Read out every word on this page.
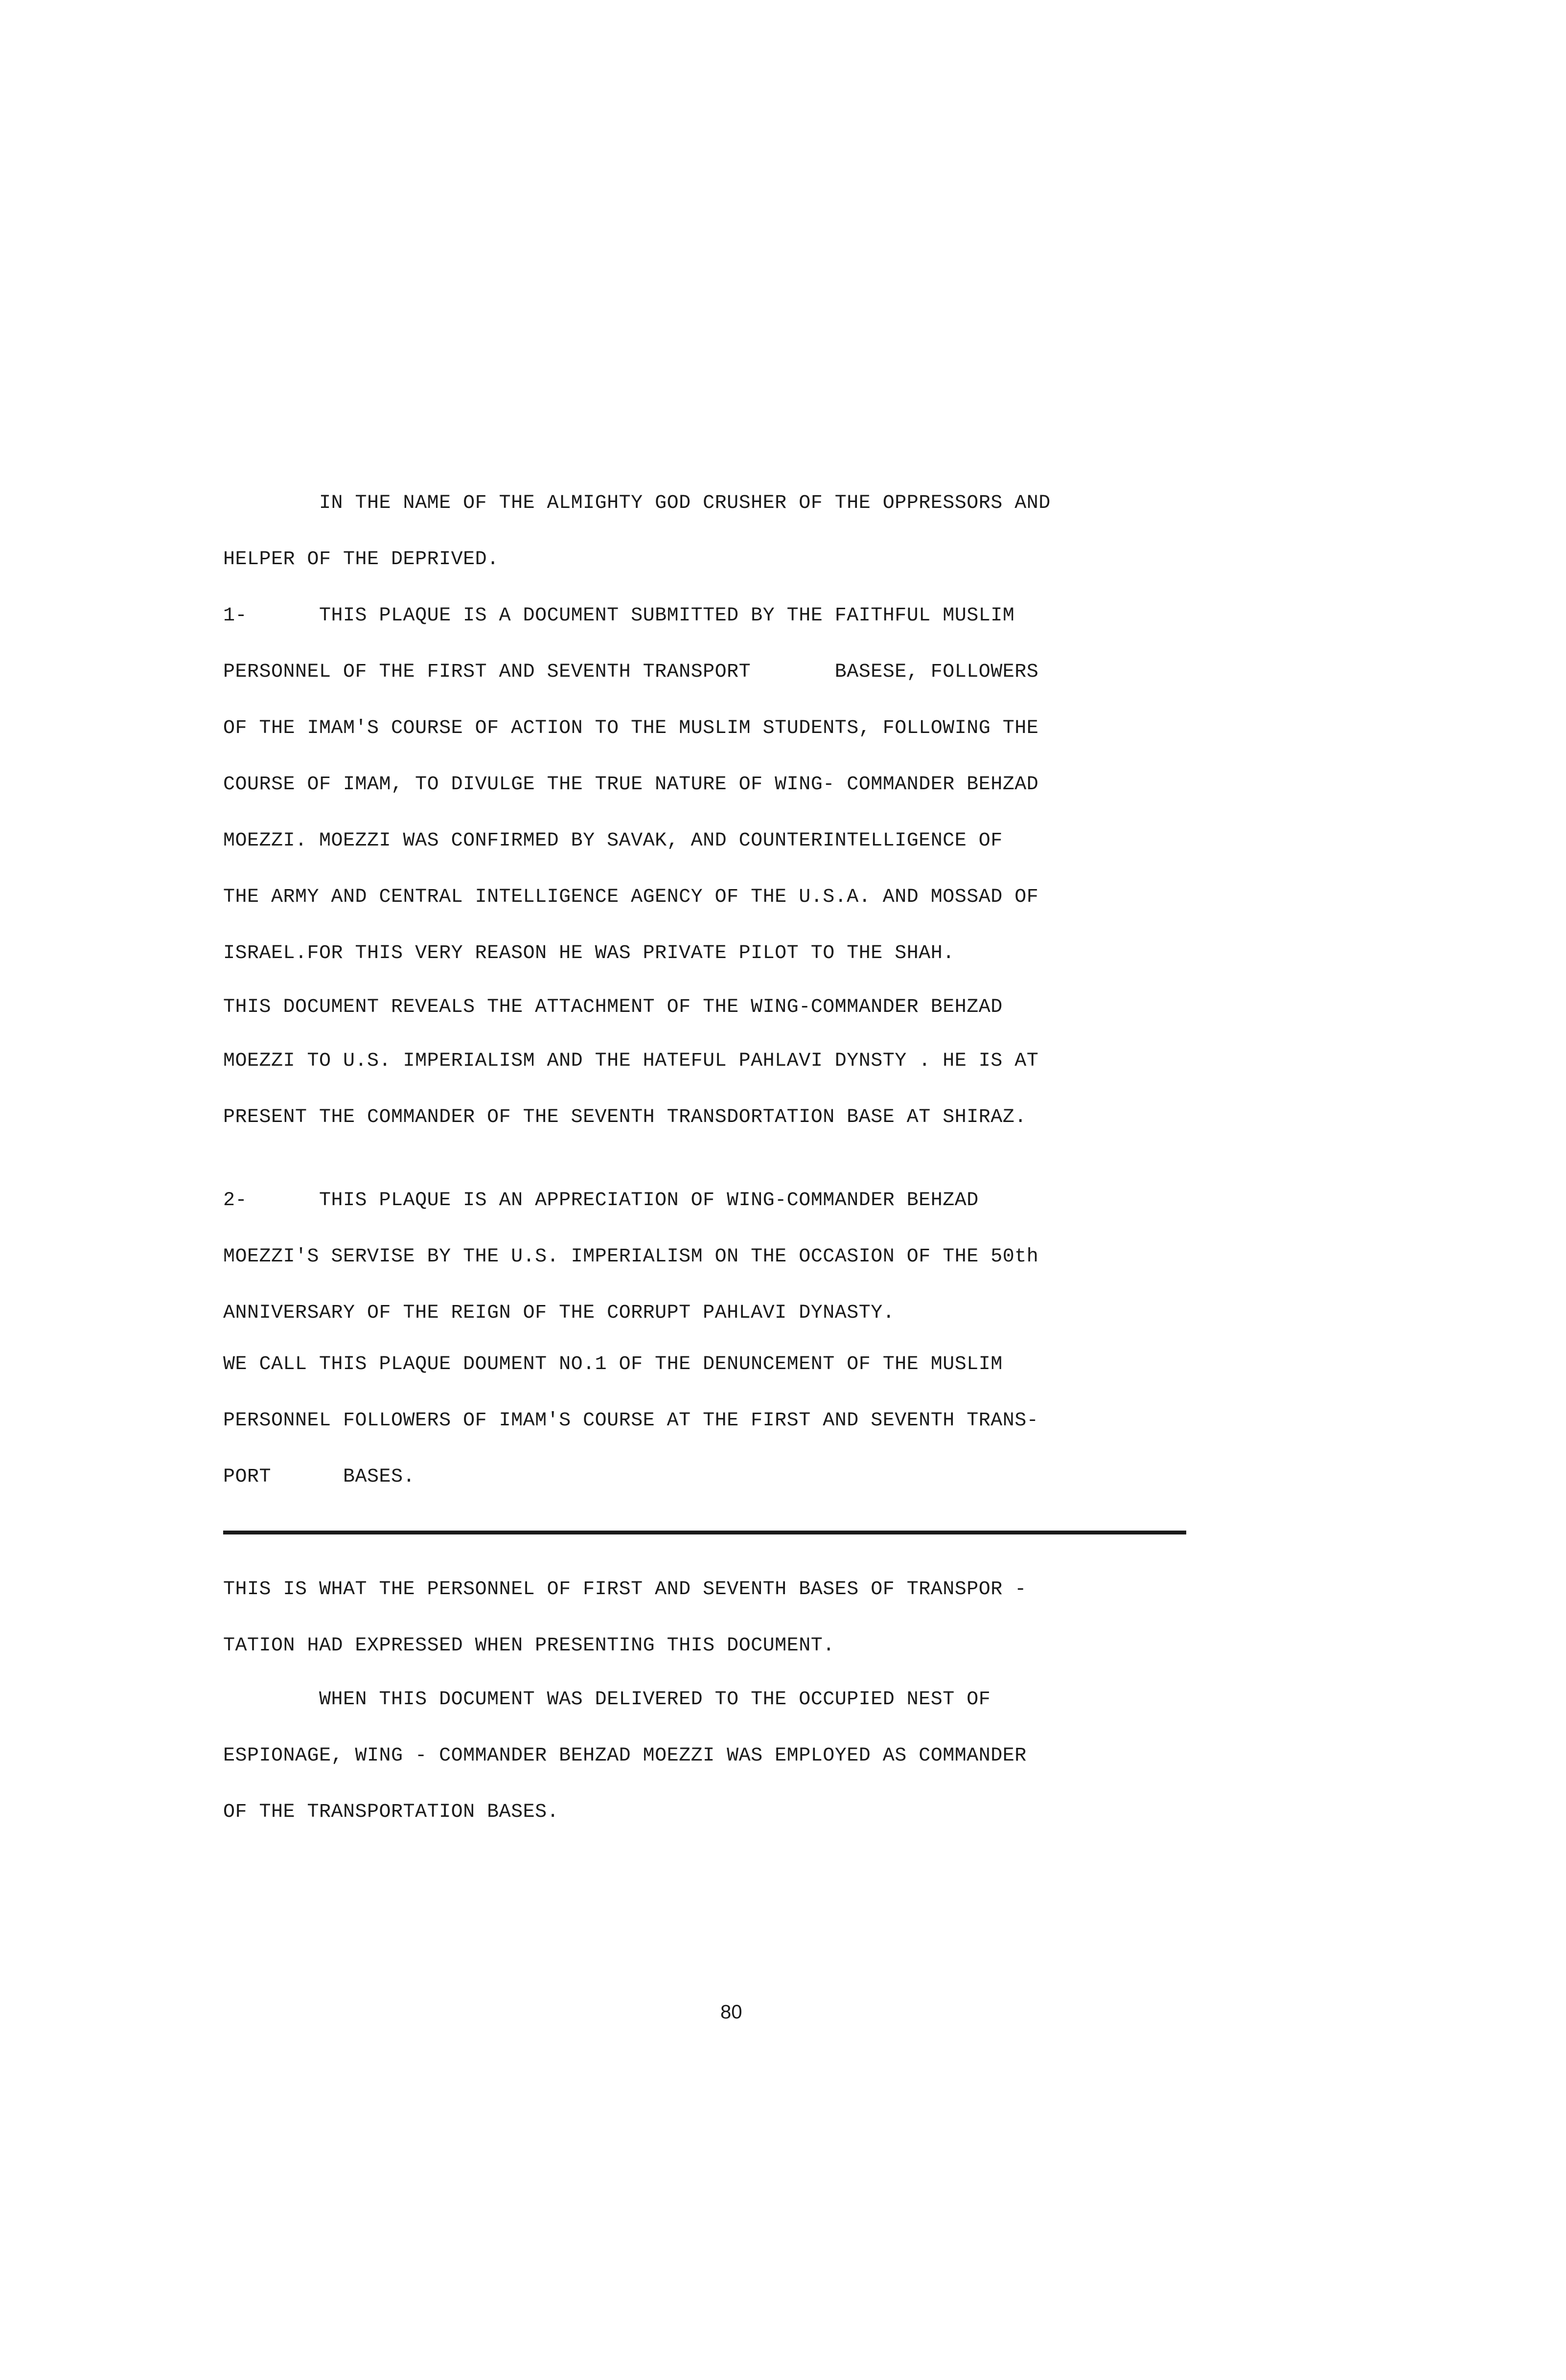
IN THE NAME OF THE ALMIGHTY GOD CRUSHER OF THE OPPRESSORS AND
HELPER OF THE DEPRIVED.
1-      THIS PLAQUE IS A DOCUMENT SUBMITTED BY THE FAITHFUL MUSLIM
PERSONNEL OF THE FIRST AND SEVENTH TRANSPORT       BASESE, FOLLOWERS
OF THE IMAM'S COURSE OF ACTION TO THE MUSLIM STUDENTS, FOLLOWING THE
COURSE OF IMAM, TO DIVULGE THE TRUE NATURE OF WING- COMMANDER BEHZAD
MOEZZI. MOEZZI WAS CONFIRMED BY SAVAK, AND COUNTERINTELLIGENCE OF
THE ARMY AND CENTRAL INTELLIGENCE AGENCY OF THE U.S.A. AND MOSSAD OF
ISRAEL.FOR THIS VERY REASON HE WAS PRIVATE PILOT TO THE SHAH.
THIS DOCUMENT REVEALS THE ATTACHMENT OF THE WING-COMMANDER BEHZAD
MOEZZI TO U.S. IMPERIALISM AND THE HATEFUL PAHLAVI DYNSTY . HE IS AT
PRESENT THE COMMANDER OF THE SEVENTH TRANSDORTATION BASE AT SHIRAZ.
2-      THIS PLAQUE IS AN APPRECIATION OF WING-COMMANDER BEHZAD
MOEZZI'S SERVISE BY THE U.S. IMPERIALISM ON THE OCCASION OF THE 50th
ANNIVERSARY OF THE REIGN OF THE CORRUPT PAHLAVI DYNASTY.
WE CALL THIS PLAQUE DOUMENT NO.1 OF THE DENUNCEMENT OF THE MUSLIM
PERSONNEL FOLLOWERS OF IMAM'S COURSE AT THE FIRST AND SEVENTH TRANS-
PORT      BASES.
THIS IS WHAT THE PERSONNEL OF FIRST AND SEVENTH BASES OF TRANSPOR -
TATION HAD EXPRESSED WHEN PRESENTING THIS DOCUMENT.
WHEN THIS DOCUMENT WAS DELIVERED TO THE OCCUPIED NEST OF
ESPIONAGE, WING - COMMANDER BEHZAD MOEZZI WAS EMPLOYED AS COMMANDER
OF THE TRANSPORTATION BASES.
80
